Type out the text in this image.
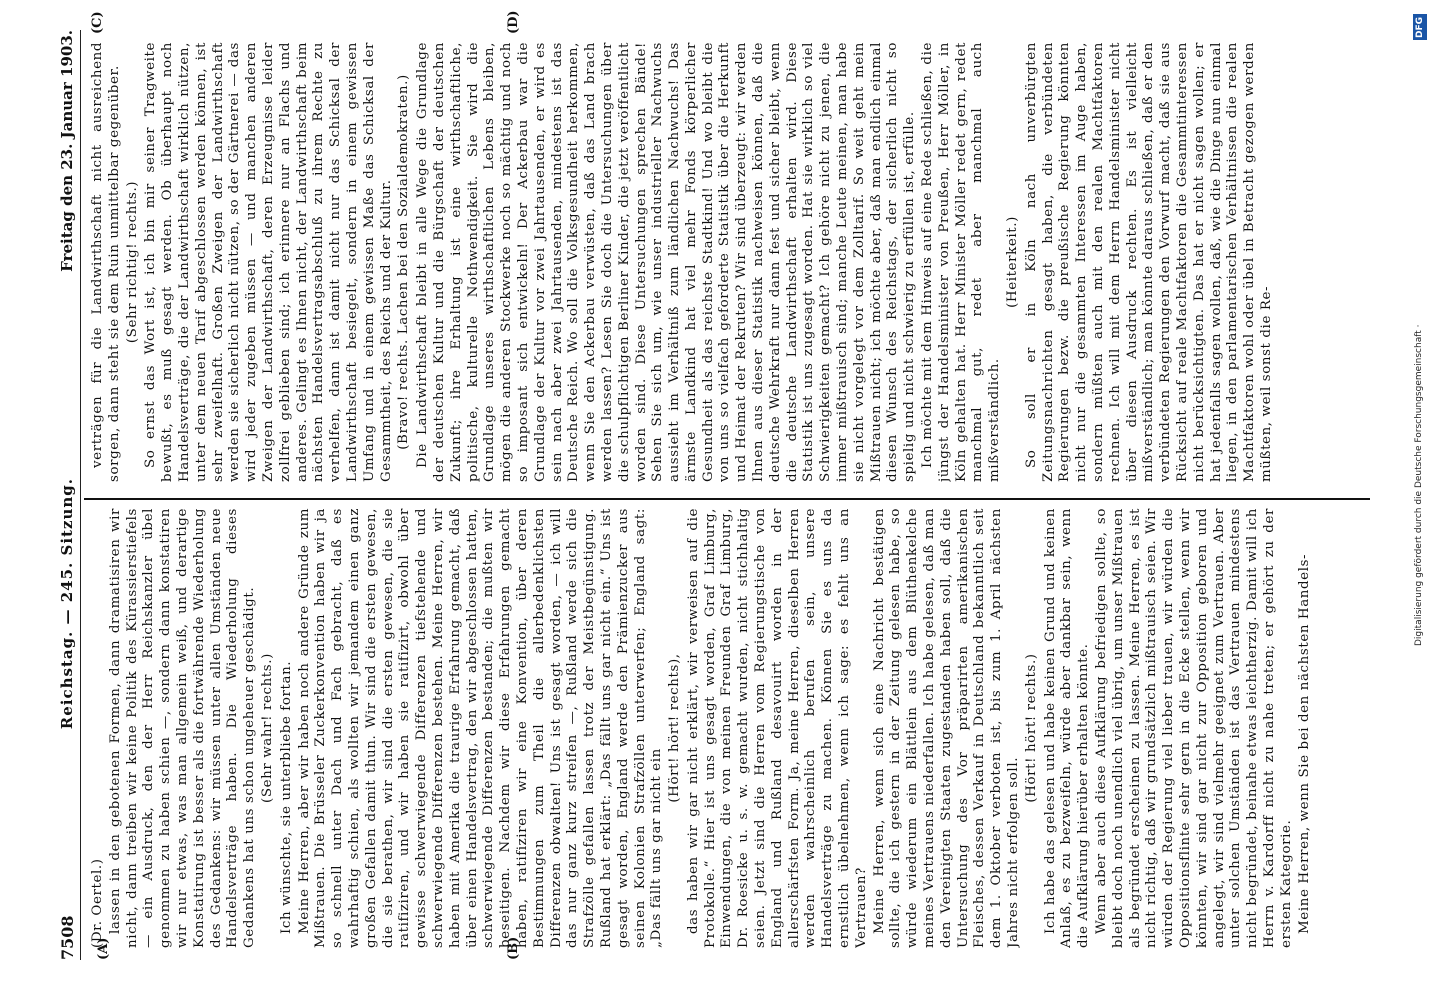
7508
Reichstag. — 245. Sitzung.
Freitag den 23. Januar 1903.
(A)	(B)
(C)	(D)

(Dr. Oertel.) lassen in den gebotenen Formen, dann dramatisiren wir nicht, dann treiben wir keine Politik des Kürassierstiefels — ein Ausdruck, den der Herr Reichskanzler übel genommen zu haben schien —, sondern dann konstatiren wir nur etwas, was man allgemein weiß, und derartige Konstatirung ist besser als die fortwährende Wiederholung des Gedankens: wir müssen unter allen Umständen neue Handelsverträge haben. Die Wiederholung dieses Gedankens hat uns schon ungeheuer geschädigt. (Sehr wahr! rechts.) Ich wünschte, sie unterbliebe fortan. Meine Herren, aber wir haben noch andere Gründe zum Mißtrauen. Die Brüsseler Zuckerkonvention haben wir ja so schnell unter Dach und Fach gebracht, daß es wahrhaftig schien, als wollten wir jemandem einen ganz großen Gefallen damit thun. Wir sind die ersten gewesen, die sie berathen, wir sind die ersten gewesen, die sie ratifiziren, und wir haben sie ratifizirt, obwohl über gewisse schwerwiegende Differenzen tiefstehende und schwerwiegende Differenzen bestehen. Meine Herren, wir haben mit Amerika die traurige Erfahrung gemacht, daß über einen Handelsvertrag, den wir abgeschlossen hatten, schwerwiegende Differenzen bestanden; die mußten wir beseitigen. Nachdem wir diese Erfahrungen gemacht haben, ratifiziren wir eine Konvention, über deren Bestimmungen zum Theil die allerbedenklichsten Differenzen obwalten! Uns ist gesagt worden, — ich will das nur ganz kurz streifen —, Rußland werde sich die Strafzölle gefallen lassen trotz der Meistbegünstigung. Rußland hat erklärt: „Das fällt uns gar nicht ein.“ Uns ist gesagt worden, England werde den Prämienzucker aus seinen Kolonien Strafzöllen unterwerfen; England sagt: „Das fällt uns gar nicht ein

(Hört! hört! rechts), das haben wir gar nicht erklärt, wir verweisen auf die Protokolle.“ Hier ist uns gesagt worden, Graf Limburg, Einwendungen, die von meinen Freunden Graf Limburg, Dr. Roesicke u. s. w. gemacht wurden, nicht stichhaltig seien. Jetzt sind die Herren vom Regierungstische von England und Rußland desavouirt worden in der allerschärfsten Form. Ja, meine Herren, dieselben Herren werden wahrscheinlich berufen sein, unsere Handelsverträge zu machen. Können Sie es uns da ernstlich übelnehmen, wenn ich sage: es fehlt uns an Vertrauen? Meine Herren, wenn sich eine Nachricht bestätigen sollte, die ich gestern in der Zeitung gelesen habe, so würde wiederum ein Blättlein aus dem Blüthenkelche meines Vertrauens niederfallen. Ich habe gelesen, daß man den Vereinigten Staaten zugestanden haben soll, daß die Untersuchung des Vor präparirten amerikanischen Fleisches, dessen Verkauf in Deutschland bekanntlich seit dem 1. Oktober verboten ist, bis zum 1. April nächsten Jahres nicht erfolgen soll.

(Hört! hört! rechts.) Ich habe das gelesen und habe keinen Grund und keinen Anlaß, es zu bezweifeln, würde aber dankbar sein, wenn die Aufklärung hierüber erhalten könnte. Wenn aber auch diese Aufklärung befriedigen sollte, so bleibt doch noch unendlich viel übrig, um unser Mißtrauen als begründet erscheinen zu lassen. Meine Herren, es ist nicht richtig, daß wir grundsätzlich mißtrauisch seien. Wir würden der Regierung viel lieber trauen, wir würden die Oppositionsflinte sehr gern in die Ecke stellen, wenn wir könnten, wir sind gar nicht zur Opposition geboren und angelegt, wir sind vielmehr geeignet zum Vertrauen. Aber unter solchen Umständen ist das Vertrauen mindestens nicht begründet, beinahe etwas leichtherzig. Damit will ich Herrn v. Kardorff nicht zu nahe treten; er gehört zu der ersten Kategorie. Meine Herren, wenn Sie bei den nächsten Handels-

verträgen für die Landwirthschaft nicht ausreichend sorgen, dann steht sie dem Ruin unmittelbar gegenüber. (Sehr richtig! rechts.) So ernst das Wort ist, ich bin mir seiner Tragweite bewußt, es muß gesagt werden. Ob überhaupt noch Handelsverträge, die der Landwirthschaft wirklich nützen, unter dem neuen Tarif abgeschlossen werden können, ist sehr zweifelhaft. Großen Zweigen der Landwirthschaft werden sie sicherlich nicht nützen, so der Gärtnerei — das wird jeder zugeben müssen — und manchen anderen Zweigen der Landwirthschaft, deren Erzeugnisse leider zollfrei geblieben sind; ich erinnere nur an Flachs und anderes. Gelingt es Ihnen nicht, der Landwirthschaft beim nächsten Handelsvertragsabschluß zu ihrem Rechte zu verhelfen, dann ist damit nicht nur das Schicksal der Landwirthschaft besiegelt, sondern in einem gewissen Umfang und in einem gewissen Maße das Schicksal der Gesammtheit, des Reichs und der Kultur. (Bravo! rechts. Lachen bei den Sozialdemokraten.) Die Landwirthschaft bleibt in alle Wege die Grundlage der deutschen Kultur und die Bürgschaft der deutschen Zukunft; ihre Erhaltung ist eine wirthschaftliche, politische, kulturelle Nothwendigkeit. Sie wird die Grundlage unseres wirthschaftlichen Lebens bleiben, mögen die anderen Stockwerke noch so mächtig und noch so imposant sich entwickeln! Der Ackerbau war die Grundlage der Kultur vor zwei Jahrtausenden, er wird es sein nach aber zwei Jahrtausenden, mindestens ist das Deutsche Reich. Wo soll die Volksgesundheit herkommen, wenn Sie den Ackerbau verwüsten, daß das Land brach werden lassen? Lesen Sie doch die Untersuchungen über die schulpflichtigen Berliner Kinder, die jetzt veröffentlicht worden sind. Diese Untersuchungen sprechen Bände! Sehen Sie sich um, wie unser industrieller Nachwuchs aussieht im Verhältniß zum ländlichen Nachwuchs! Das ärmste Landkind hat viel mehr Fonds körperlicher Gesundheit als das reichste Stadtkind! Und wo bleibt die von uns so vielfach geforderte Statistik über die Herkunft und Heimat der Rekruten? Wir sind überzeugt: wir werden Ihnen aus dieser Statistik nachweisen können, daß die deutsche Wehrkraft nur dann fest und sicher bleibt, wenn die deutsche Landwirthschaft erhalten wird. Diese Statistik ist uns zugesagt worden. Hat sie wirklich so viel Schwierigkeiten gemacht? Ich gehöre nicht zu jenen, die immer mißtrauisch sind; manche Leute meinen, man habe sie nicht vorgelegt vor dem Zolltarif. So weit geht mein Mißtrauen nicht; ich möchte aber, daß man endlich einmal diesen Wunsch des Reichstags, der sicherlich nicht so spielig und nicht schwierig zu erfüllen ist, erfülle. Ich möchte mit dem Hinweis auf eine Rede schließen, die jüngst der Handelsminister von Preußen, Herr Möller, in Köln gehalten hat. Herr Minister Möller redet gern, redet manchmal gut, redet aber manchmal auch mißverständlich.

(Heiterkeit.) So soll er in Köln nach unverbürgten Zeitungsnachrichten gesagt haben, die verbündeten Regierungen bezw. die preußische Regierung könnten nicht nur die gesammten Interessen im Auge haben, sondern müßten auch mit den realen Machtfaktoren rechnen. Ich will mit dem Herrn Handelsminister nicht über diesen Ausdruck rechten. Es ist vielleicht mißverständlich; man könnte daraus schließen, daß er den verbündeten Regierungen den Vorwurf macht, daß sie aus Rücksicht auf reale Machtfaktoren die Gesammtinteressen nicht berücksichtigten. Das hat er nicht sagen wollen; er hat jedenfalls sagen wollen, daß, wie die Dinge nun einmal liegen, in den parlamentarischen Verhältnissen die realen Machtfaktoren wohl oder übel in Betracht gezogen werden müßten, weil sonst die Re-

DFG
Digitalisierung gefördert durch die Deutsche Forschungsgemeinschaft ·
